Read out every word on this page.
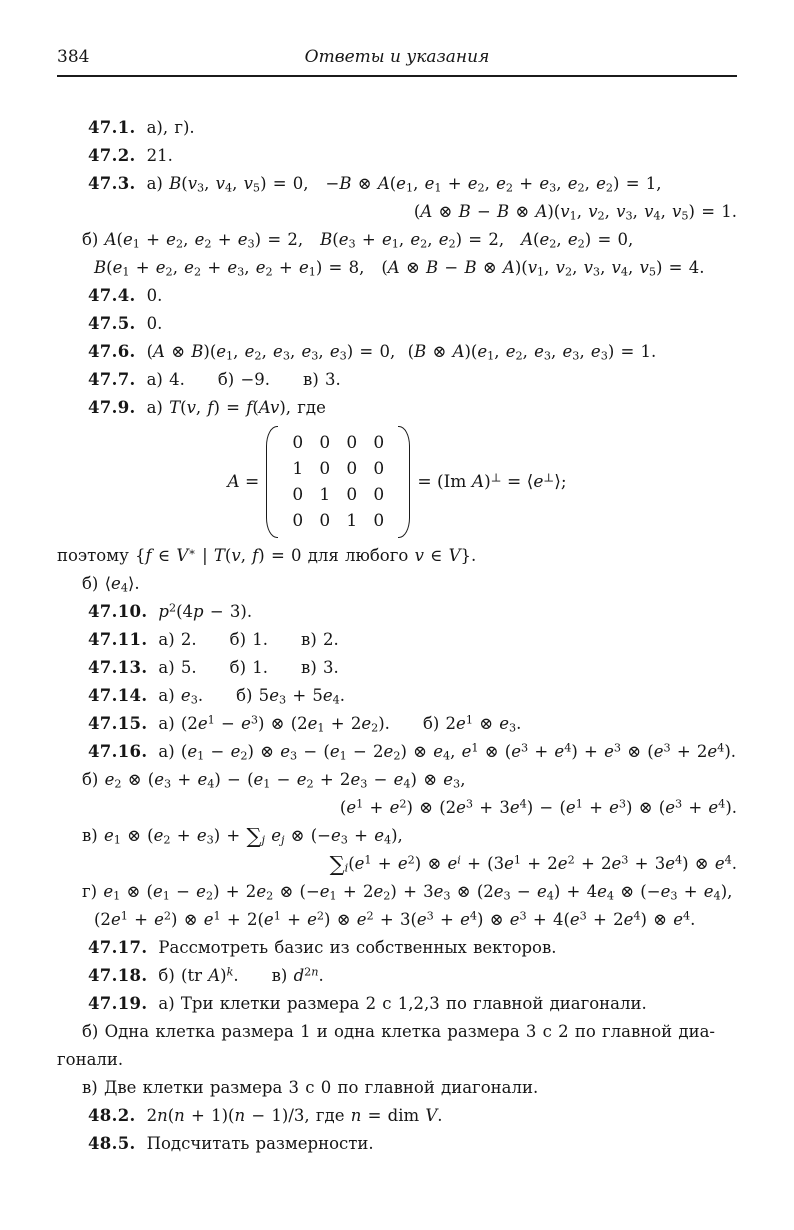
384	Ответы и указания
47.1. а), г).
47.2. 21.
47.3. а) $B(v_3$, $v_4$, $v_5) = 0$, −B ⊗ $A(e_1$, $e_1 + e_2$, $e_2 + e_3$, $e_2$, $e_2) = 1$,
(A ⊗ B − B ⊗ $A)(v_1$, $v_2$, $v_3$, $v_4$, $v_5) = 1$.
б) $A(e_1 + e_2$, $e_2 + e_3) = 2$, $B(e_3 + e_1$, $e_2$, $e_2) = 2$, $A(e_2$, $e_2) = 0$,
$B(e_1 + e_2$, $e_2 + e_3$, $e_2 + e_1) = 8$, (A ⊗ B − B ⊗ $A)(v_1$, $v_2$, $v_3$, $v_4$, $v_5) = 4$.
47.4. 0.
47.5. 0.
47.6. (A ⊗ $B)(e_1$, $e_2$, $e_3$, $e_3$, $e_3) = 0$,  (B ⊗ $A)(e_1$, $e_2$, $e_3$, $e_3$, $e_3) = 1$.
47.7. а) 4. б) −9. в) 3.
47.9. а) T(v, f) = f(Av), где
A =
0 0 0 0
1 0 0 0
0 1 0 0
0 0 1 0
= (Im A)⊥ = ⟨e⊥⟩;
поэтому {f ∈ V∗ | T(v, f) = 0 для любого v ∈ V}.
б) $⟨e_4⟩$.
47.10. $p^2(4p - 3)$.
47.11. а) 2. б) 1. в) 2.
47.13. а) 5. б) 1. в) 3.
47.14. а) $e_3$. б) $5e_3 + 5e_4$.
47.15. а) $(2e^1 - e^3)$ ⊗ $(2e_1 + 2e_2)$. б) $2e^1$ ⊗ $e_3$.
47.16. а) $(e_1 - e_2)$ ⊗ $e_3 - (e_1 - 2e_2)$ ⊗ $e_4$, $e^1$ ⊗ $(e^3 + e^4) + e^3$ ⊗ $(e^3 + 2e^4)$.
б) $e_2$ ⊗ $(e_3 + e_4) - (e_1 - e_2 + 2e_3 - e_4)$ ⊗ $e_3$,
$(e^1 + e^2)$ ⊗ $(2e^3 + 3e^4) - (e^1 + e^3)$ ⊗ $(e^3 + e^4)$.
в) $e_1$ ⊗ $(e_2 + e_3) + \sum_j$ $e_j$ ⊗ $(-e_3 + e_4)$,
$\sum_i(e^1 + e^2)$ ⊗ $e^i + (3e^1 + 2e^2 + 2e^3 + 3e^4)$ ⊗ $e^4$.
г) $e_1$ ⊗ $(e_1 - e_2) + 2e_2$ ⊗ $(-e_1 + 2e_2) + 3e_3$ ⊗ $(2e_3 - e_4) + 4e_4$ ⊗ $(-e_3 + e_4)$,
$(2e^1 + e^2)$ ⊗ $e^1 + 2(e^1 + e^2)$ ⊗ $e^2 + 3(e^3 + e^4)$ ⊗ $e^3 + 4(e^3 + 2e^4)$ ⊗ $e^4$.
47.17. Рассмотреть базис из собственных векторов.
47.18. б) (tr A)$^k$. в) $d^{2n}$.
47.19. а) Три клетки размера 2 с 1,2,3 по главной диагонали.
б) Одна клетка размера 1 и одна клетка размера 3 с 2 по главной диа-
гонали.
в) Две клетки размера 3 с 0 по главной диагонали.
48.2. 2n(n + 1)(n − 1)/3, где n = dim V.
48.5. Подсчитать размерности.
